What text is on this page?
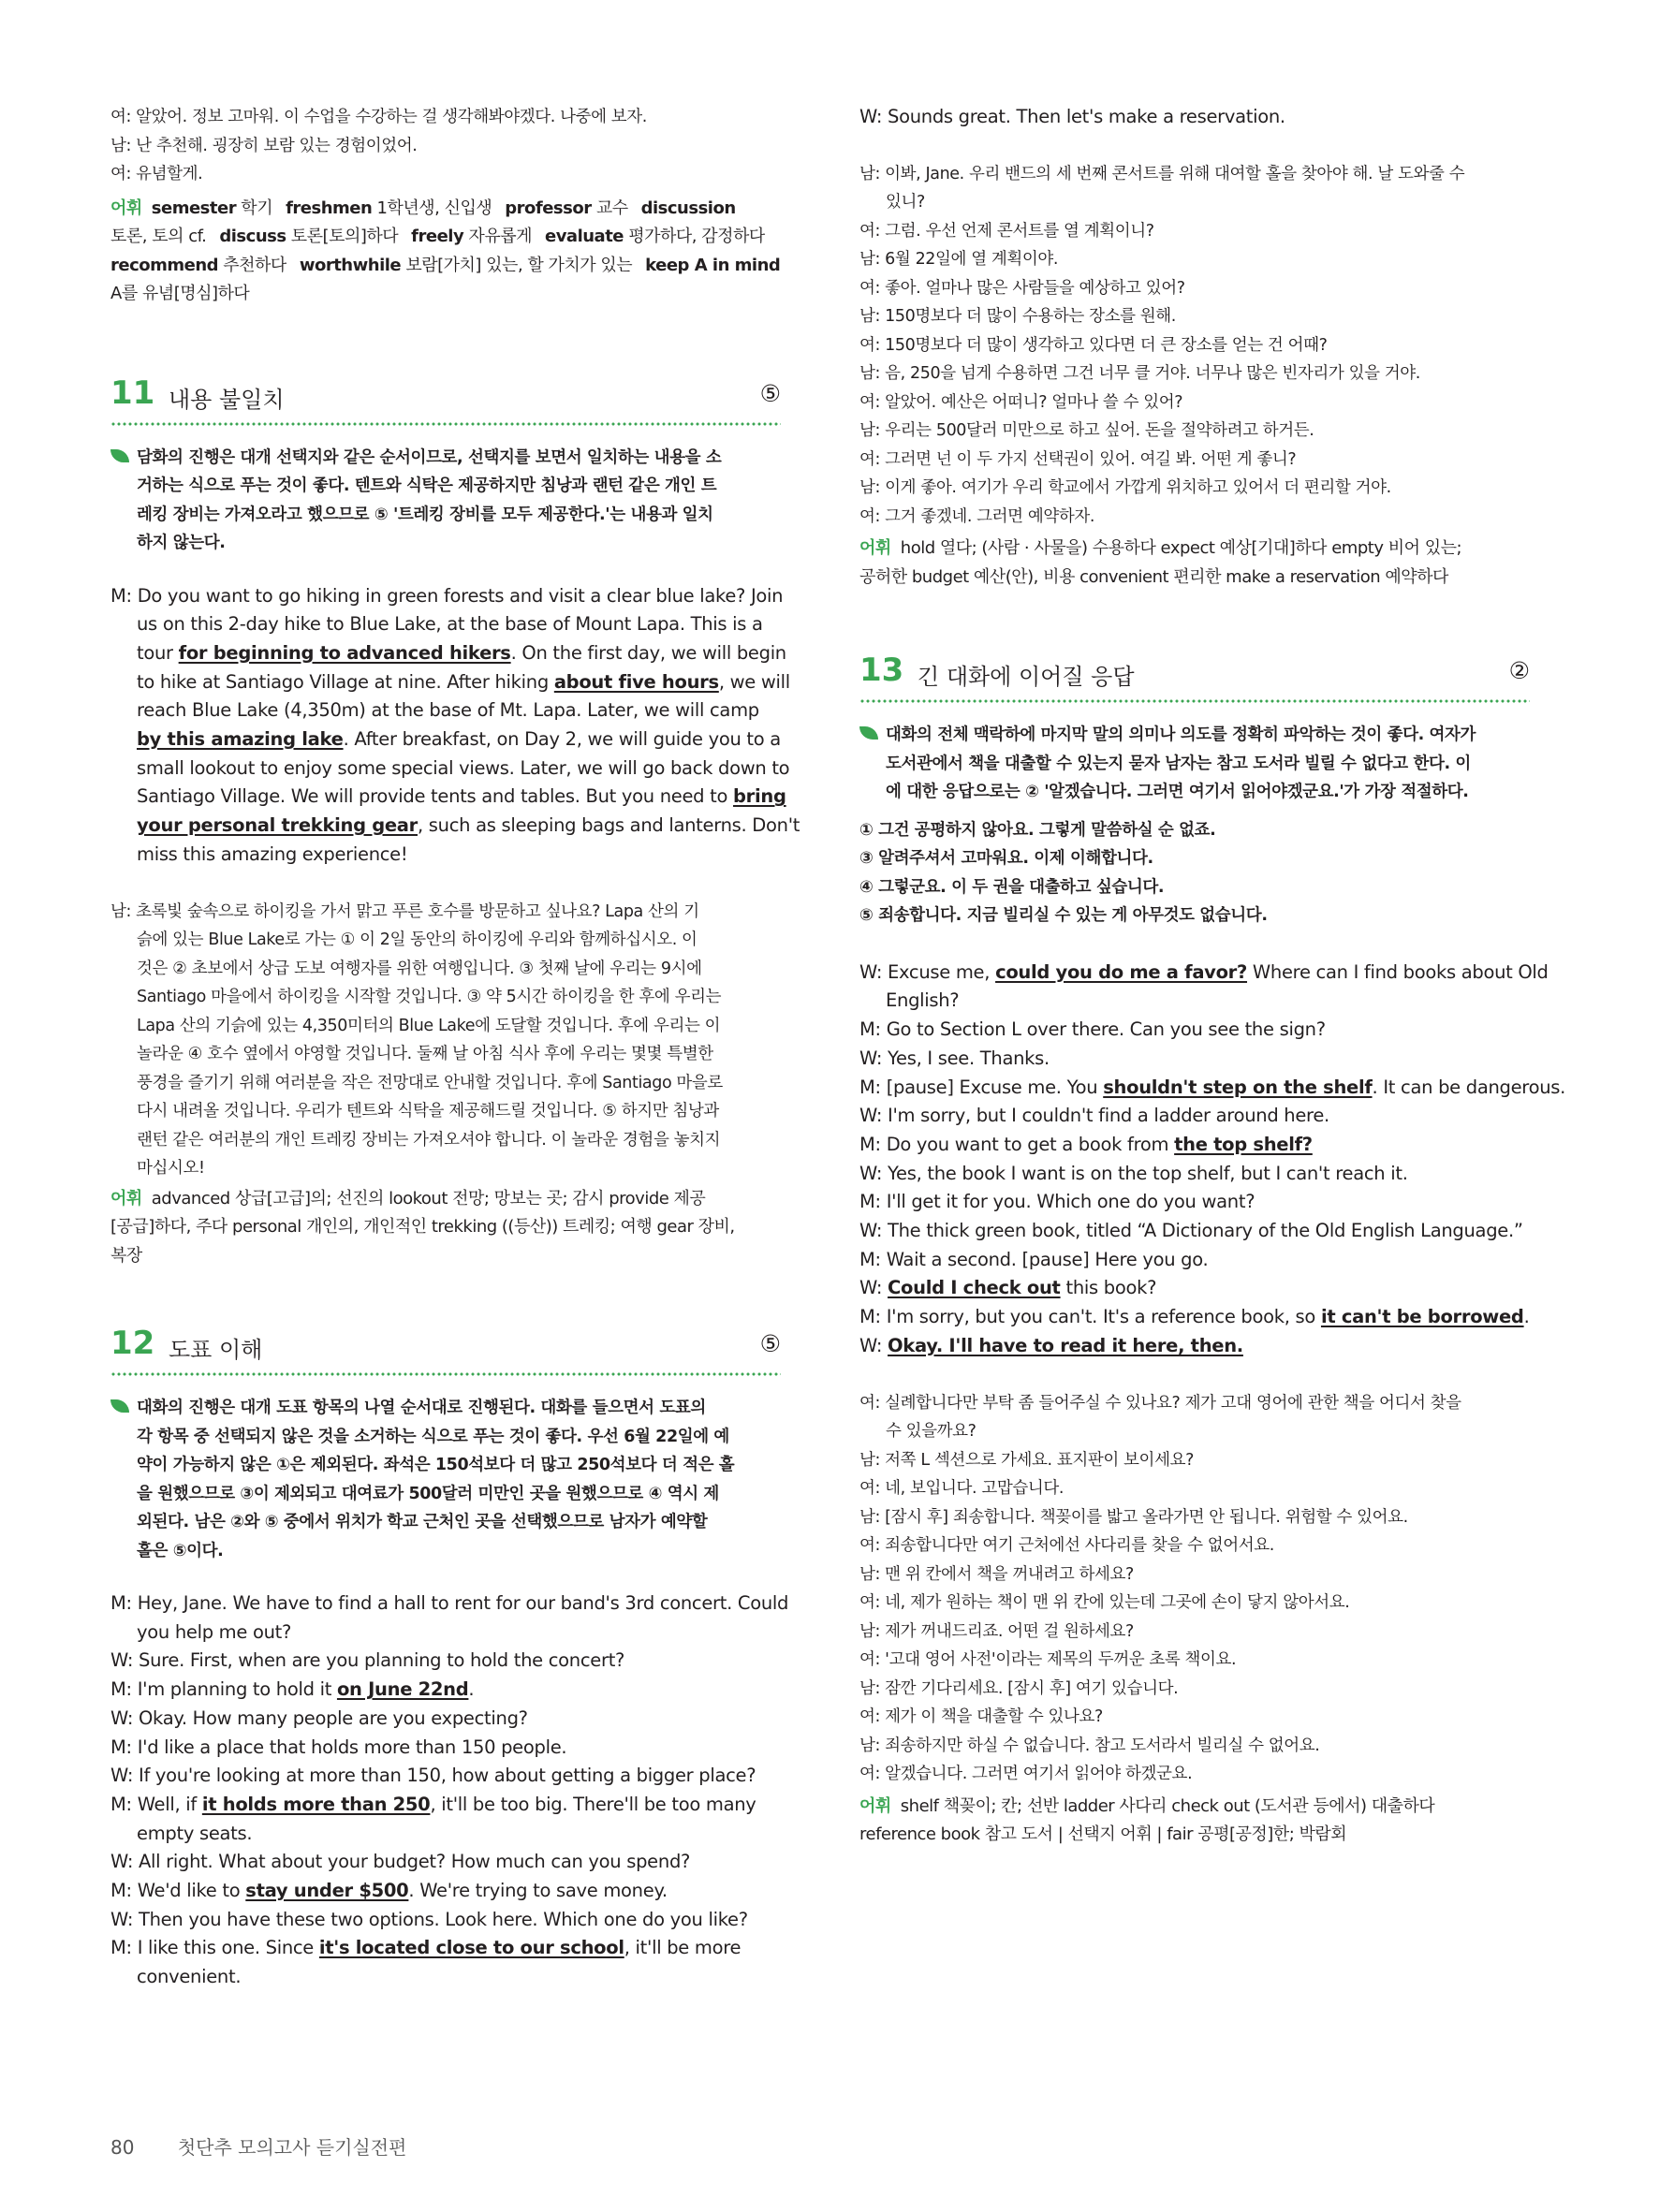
여: 알았어. 정보 고마워. 이 수업을 수강하는 걸 생각해봐야겠다. 나중에 보자.
남: 난 추천해. 굉장히 보람 있는 경험이었어.
여: 유념할게.
어휘 semester 학기 freshmen 1학년생, 신입생 professor 교수 discussion
토론, 토의 cf. discuss 토론[토의]하다 freely 자유롭게 evaluate 평가하다, 감정하다
recommend 추천하다 worthwhile 보람[가치] 있는, 할 가치가 있는 keep A in mind
A를 유념[명심]하다
11 내용 불일치	⑤
담화의 진행은 대개 선택지와 같은 순서이므로, 선택지를 보면서 일치하는 내용을 소
거하는 식으로 푸는 것이 좋다. 텐트와 식탁은 제공하지만 침낭과 랜턴 같은 개인 트
레킹 장비는 가져오라고 했으므로 ⑤ '트레킹 장비를 모두 제공한다.'는 내용과 일치
하지 않는다.
M: Do you want to go hiking in green forests and visit a clear blue lake? Join
us on this 2-day hike to Blue Lake, at the base of Mount Lapa. This is a
tour for beginning to advanced hikers. On the first day, we will begin
to hike at Santiago Village at nine. After hiking about five hours, we will
reach Blue Lake (4,350m) at the base of Mt. Lapa. Later, we will camp
by this amazing lake. After breakfast, on Day 2, we will guide you to a
small lookout to enjoy some special views. Later, we will go back down to
Santiago Village. We will provide tents and tables. But you need to bring
your personal trekking gear, such as sleeping bags and lanterns. Don't
miss this amazing experience!
남: 초록빛 숲속으로 하이킹을 가서 맑고 푸른 호수를 방문하고 싶나요? Lapa 산의 기
슭에 있는 Blue Lake로 가는 ① 이 2일 동안의 하이킹에 우리와 함께하십시오. 이
것은 ② 초보에서 상급 도보 여행자를 위한 여행입니다. ③ 첫째 날에 우리는 9시에
Santiago 마을에서 하이킹을 시작할 것입니다. ③ 약 5시간 하이킹을 한 후에 우리는
Lapa 산의 기슭에 있는 4,350미터의 Blue Lake에 도달할 것입니다. 후에 우리는 이
놀라운 ④ 호수 옆에서 야영할 것입니다. 둘째 날 아침 식사 후에 우리는 몇몇 특별한
풍경을 즐기기 위해 여러분을 작은 전망대로 안내할 것입니다. 후에 Santiago 마을로
다시 내려올 것입니다. 우리가 텐트와 식탁을 제공해드릴 것입니다. ⑤ 하지만 침낭과
랜턴 같은 여러분의 개인 트레킹 장비는 가져오셔야 합니다. 이 놀라운 경험을 놓치지
마십시오!
어휘 advanced 상급[고급]의; 선진의 lookout 전망; 망보는 곳; 감시 provide 제공
[공급]하다, 주다 personal 개인의, 개인적인 trekking ((등산)) 트레킹; 여행 gear 장비,
복장
12 도표 이해	⑤
대화의 진행은 대개 도표 항목의 나열 순서대로 진행된다. 대화를 들으면서 도표의
각 항목 중 선택되지 않은 것을 소거하는 식으로 푸는 것이 좋다. 우선 6월 22일에 예
약이 가능하지 않은 ①은 제외된다. 좌석은 150석보다 더 많고 250석보다 더 적은 홀
을 원했으므로 ③이 제외되고 대여료가 500달러 미만인 곳을 원했으므로 ④ 역시 제
외된다. 남은 ②와 ⑤ 중에서 위치가 학교 근처인 곳을 선택했으므로 남자가 예약할
홀은 ⑤이다.
M: Hey, Jane. We have to find a hall to rent for our band's 3rd concert. Could
you help me out?
W: Sure. First, when are you planning to hold the concert?
M: I'm planning to hold it on June 22nd.
W: Okay. How many people are you expecting?
M: I'd like a place that holds more than 150 people.
W: If you're looking at more than 150, how about getting a bigger place?
M: Well, if it holds more than 250, it'll be too big. There'll be too many
empty seats.
W: All right. What about your budget? How much can you spend?
M: We'd like to stay under $500. We're trying to save money.
W: Then you have these two options. Look here. Which one do you like?
M: I like this one. Since it's located close to our school, it'll be more
convenient.
W: Sounds great. Then let's make a reservation.
남: 이봐, Jane. 우리 밴드의 세 번째 콘서트를 위해 대여할 홀을 찾아야 해. 날 도와줄 수
있니?
여: 그럼. 우선 언제 콘서트를 열 계획이니?
남: 6월 22일에 열 계획이야.
여: 좋아. 얼마나 많은 사람들을 예상하고 있어?
남: 150명보다 더 많이 수용하는 장소를 원해.
여: 150명보다 더 많이 생각하고 있다면 더 큰 장소를 얻는 건 어때?
남: 음, 250을 넘게 수용하면 그건 너무 클 거야. 너무나 많은 빈자리가 있을 거야.
여: 알았어. 예산은 어떠니? 얼마나 쓸 수 있어?
남: 우리는 500달러 미만으로 하고 싶어. 돈을 절약하려고 하거든.
여: 그러면 넌 이 두 가지 선택권이 있어. 여길 봐. 어떤 게 좋니?
남: 이게 좋아. 여기가 우리 학교에서 가깝게 위치하고 있어서 더 편리할 거야.
여: 그거 좋겠네. 그러면 예약하자.
어휘 hold 열다; (사람 · 사물을) 수용하다 expect 예상[기대]하다 empty 비어 있는;
공허한 budget 예산(안), 비용 convenient 편리한 make a reservation 예약하다
13 긴 대화에 이어질 응답	②
대화의 전체 맥락하에 마지막 말의 의미나 의도를 정확히 파악하는 것이 좋다. 여자가
도서관에서 책을 대출할 수 있는지 묻자 남자는 참고 도서라 빌릴 수 없다고 한다. 이
에 대한 응답으로는 ② '알겠습니다. 그러면 여기서 읽어야겠군요.'가 가장 적절하다.
① 그건 공평하지 않아요. 그렇게 말씀하실 순 없죠.
③ 알려주셔서 고마워요. 이제 이해합니다.
④ 그렇군요. 이 두 권을 대출하고 싶습니다.
⑤ 죄송합니다. 지금 빌리실 수 있는 게 아무것도 없습니다.
W: Excuse me, could you do me a favor? Where can I find books about Old
English?
M: Go to Section L over there. Can you see the sign?
W: Yes, I see. Thanks.
M: [pause] Excuse me. You shouldn't step on the shelf. It can be dangerous.
W: I'm sorry, but I couldn't find a ladder around here.
M: Do you want to get a book from the top shelf?
W: Yes, the book I want is on the top shelf, but I can't reach it.
M: I'll get it for you. Which one do you want?
W: The thick green book, titled “A Dictionary of the Old English Language.”
M: Wait a second. [pause] Here you go.
W: Could I check out this book?
M: I'm sorry, but you can't. It's a reference book, so it can't be borrowed.
W: Okay. I'll have to read it here, then.
여: 실례합니다만 부탁 좀 들어주실 수 있나요? 제가 고대 영어에 관한 책을 어디서 찾을
수 있을까요?
남: 저쪽 L 섹션으로 가세요. 표지판이 보이세요?
여: 네, 보입니다. 고맙습니다.
남: [잠시 후] 죄송합니다. 책꽂이를 밟고 올라가면 안 됩니다. 위험할 수 있어요.
여: 죄송합니다만 여기 근처에선 사다리를 찾을 수 없어서요.
남: 맨 위 칸에서 책을 꺼내려고 하세요?
여: 네, 제가 원하는 책이 맨 위 칸에 있는데 그곳에 손이 닿지 않아서요.
남: 제가 꺼내드리죠. 어떤 걸 원하세요?
여: '고대 영어 사전'이라는 제목의 두꺼운 초록 책이요.
남: 잠깐 기다리세요. [잠시 후] 여기 있습니다.
여: 제가 이 책을 대출할 수 있나요?
남: 죄송하지만 하실 수 없습니다. 참고 도서라서 빌리실 수 없어요.
여: 알겠습니다. 그러면 여기서 읽어야 하겠군요.
어휘 shelf 책꽂이; 칸; 선반 ladder 사다리 check out (도서관 등에서) 대출하다
reference book 참고 도서 | 선택지 어휘 | fair 공평[공정]한; 박람회
80 첫단추 모의고사 듣기실전편
